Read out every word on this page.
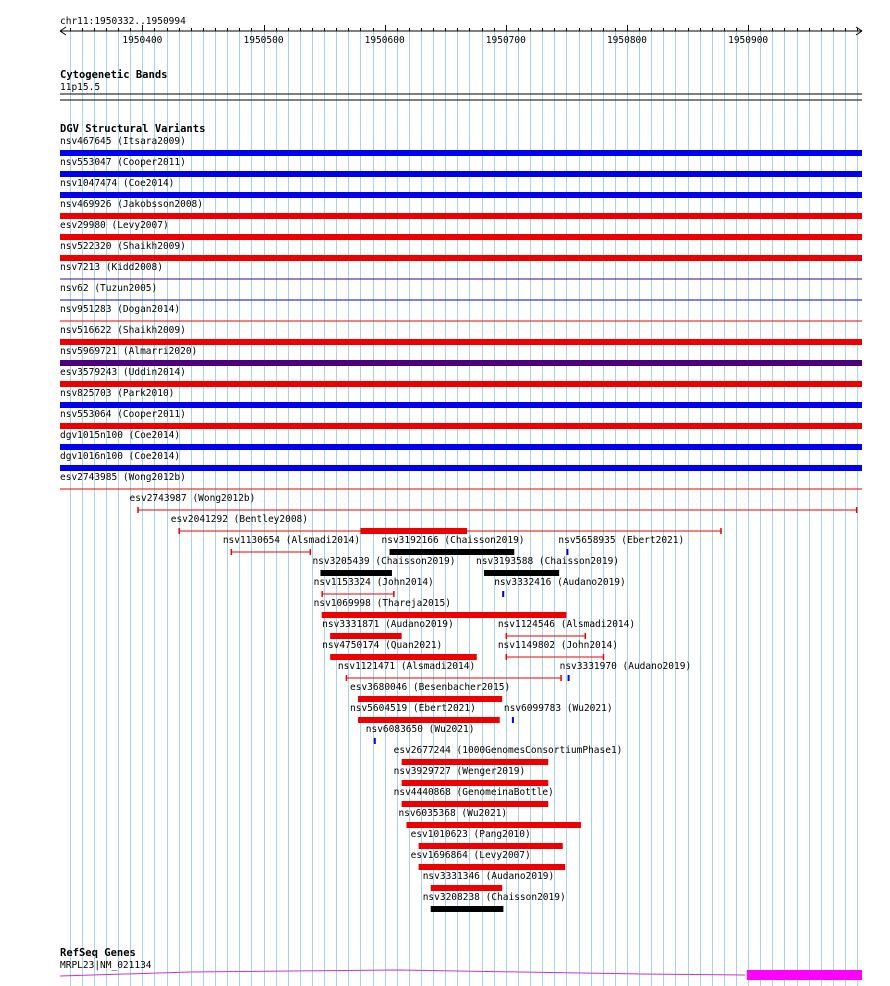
chr11:1950332..1950994
1950400	1950500	1950600	1950700	1950800	1950900
Cytogenetic Bands
11p15.5
DGV Structural Variants
nsv467645 (Itsara2009)
nsv553047 (Cooper2011)
nsv1047474 (Coe2014)
nsv469926 (Jakobsson2008)
esv29980 (Levy2007)
nsv522320 (Shaikh2009)
nsv7213 (Kidd2008)
nsv62 (Tuzun2005)
nsv951283 (Dogan2014)
nsv516622 (Shaikh2009)
nsv5969721 (Almarri2020)
esv3579243 (Uddin2014)
nsv825703 (Park2010)
nsv553064 (Cooper2011)
dgv1015n100 (Coe2014)
dgv1016n100 (Coe2014)
esv2743985 (Wong2012b)
esv2743987 (Wong2012b)
esv2041292 (Bentley2008)
nsv1130654 (Alsmadi2014) nsv3192166 (Chaisson2019)	nsv5658935 (Ebert2021)
nsv3205439 (Chaisson2019) nsv3193588 (Chaisson2019)
nsv1153324 (John2014)	nsv3332416 (Audano2019)
nsv1069998 (Thareja2015)
nsv3331871 (Audano2019)	nsv1124546 (Alsmadi2014)
nsv4750174 (Quan2021)	nsv1149802 (John2014)
nsv1121471 (Alsmadi2014)	nsv3331970 (Audano2019)
esv3680046 (Besenbacher2015)
nsv5604519 (Ebert2021)	nsv6099783 (Wu2021)
nsv6083650 (Wu2021)
esv2677244 (1000GenomesConsortiumPhase1)
nsv3929727 (Wenger2019)
nsv4440868 (GenomeinaBottle)
nsv6035368 (Wu2021)
esv1010623 (Pang2010)
esv1696864 (Levy2007)
nsv3331346 (Audano2019)
nsv3208238 (Chaisson2019)
RefSeq Genes
MRPL23|NM_021134
